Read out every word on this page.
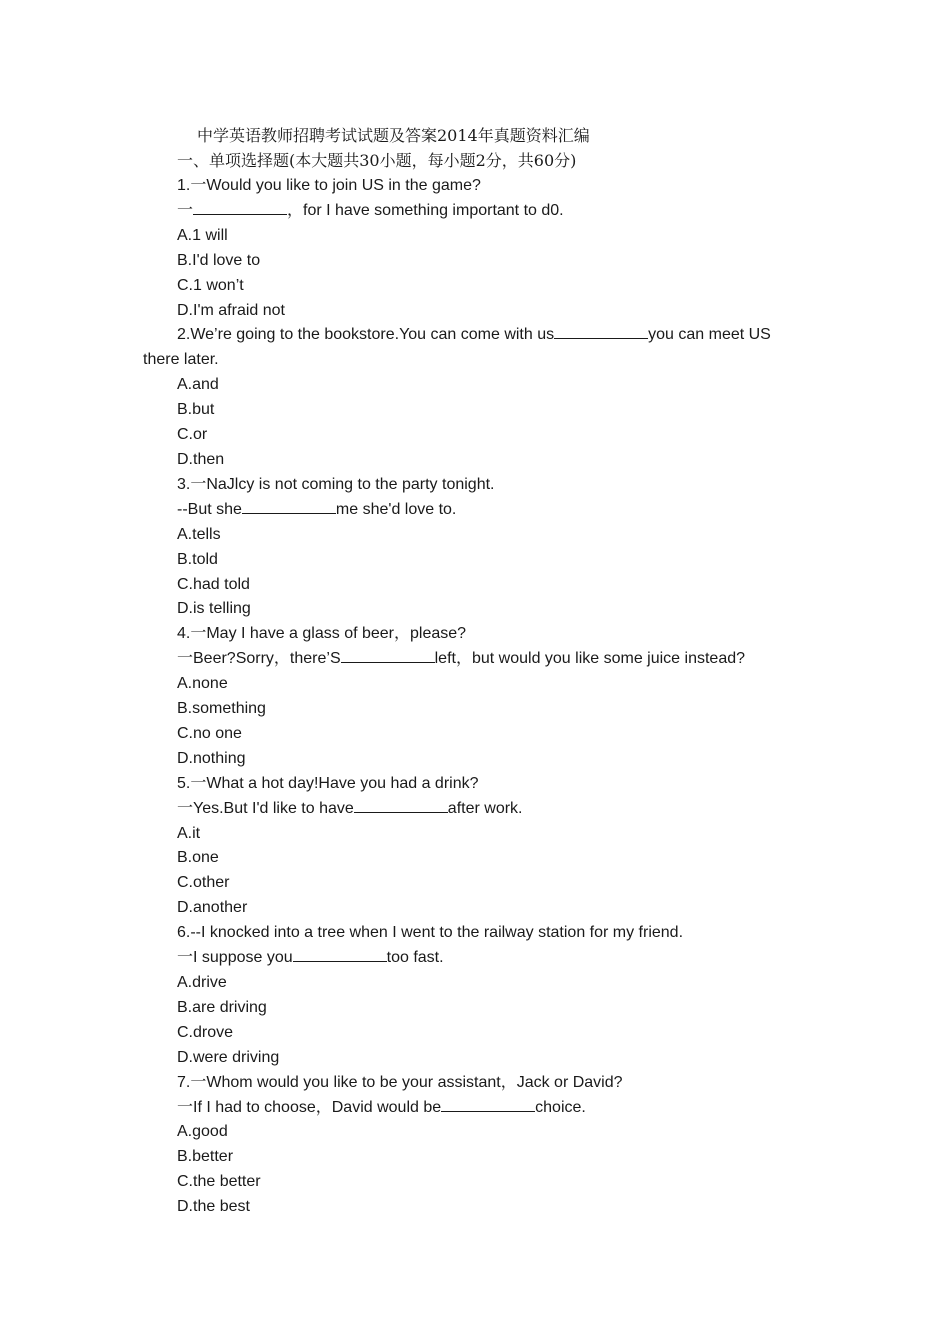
中学英语教师招聘考试试题及答案2014年真题资料汇编
一、单项选择题(本大题共30小题，每小题2分，共60分)
1.一Would you like to join US in the game?
一	，for I have something important to d0.
A.1 will
B.I'd love to
C.1 won’t
D.I'm afraid not
2.We’re going to the bookstore.You can come with us	you can meet US
there later.
A.and
B.but
C.or
D.then
3.一NaJlcy is not coming to the party tonight.
--But she	me she'd love to.
A.tells
B.told
C.had told
D.is telling
4.一May I have a glass of beer，please?
一Beer?Sorry，there’S	left，but would you like some juice instead?
A.none
B.something
C.no one
D.nothing
5.一What a hot day!Have you had a drink?
一Yes.But I'd like to have	after work.
A.it
B.one
C.other
D.another
6.--I knocked into a tree when I went to the railway station for my friend.
一I suppose you	too fast.
A.drive
B.are driving
C.drove
D.were driving
7.一Whom would you like to be your assistant，Jack or David?
一If I had to choose，David would be	choice.
A.good
B.better
C.the better
D.the best
